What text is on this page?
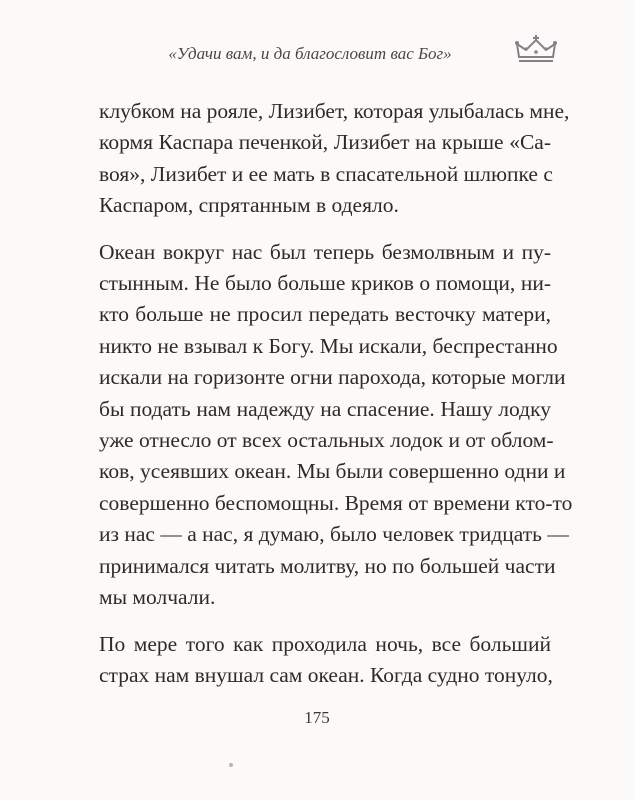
«Удачи вам, и да благословит вас Бог»

клубком на рояле, Лизибет, которая улыбалась мне,
кормя Каспара печенкой, Лизибет на крыше «Са-
воя», Лизибет и ее мать в спасательной шлюпке с
Каспаром, спрятанным в одеяло.

Океан вокруг нас был теперь безмолвным и пу-
стынным. Не было больше криков о помощи, ни-
кто больше не просил передать весточку матери,
никто не взывал к Богу. Мы искали, беспрестанно
искали на горизонте огни парохода, которые могли
бы подать нам надежду на спасение. Нашу лодку
уже отнесло от всех остальных лодок и от облом-
ков, усеявших океан. Мы были совершенно одни и
совершенно беспомощны. Время от времени кто-то
из нас — а нас, я думаю, было человек тридцать —
принимался читать молитву, но по большей части
мы молчали.

По мере того как проходила ночь, все больший
страх нам внушал сам океан. Когда судно тонуло,

175
